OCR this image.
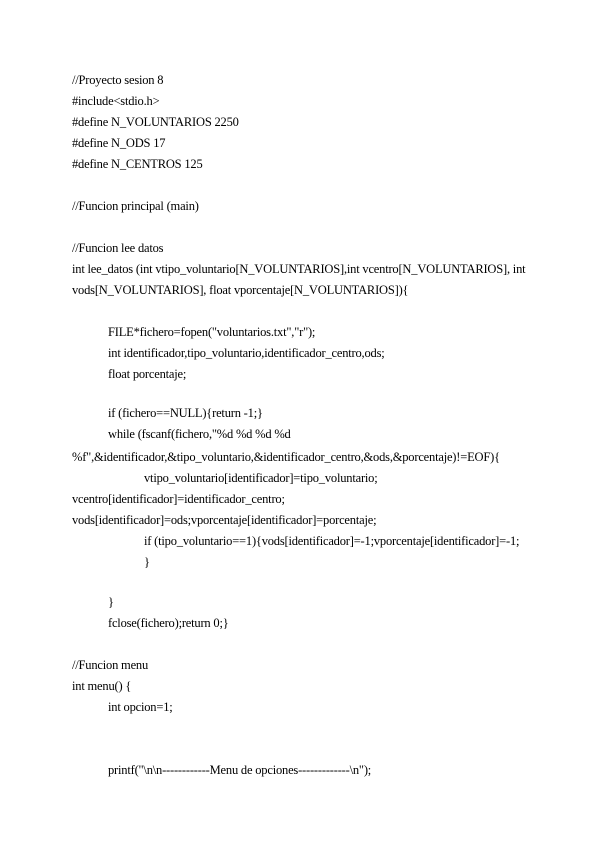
//Proyecto sesion 8
#include<stdio.h>
#define N_VOLUNTARIOS 2250
#define N_ODS 17
#define N_CENTROS 125
//Funcion principal (main)
//Funcion lee datos
int lee_datos (int vtipo_voluntario[N_VOLUNTARIOS],int vcentro[N_VOLUNTARIOS], int
vods[N_VOLUNTARIOS], float vporcentaje[N_VOLUNTARIOS]){
FILE*fichero=fopen("voluntarios.txt","r");
int identificador,tipo_voluntario,identificador_centro,ods;
float porcentaje;
if (fichero==NULL){return -1;}
while (fscanf(fichero,"%d %d %d %d
%f",&identificador,&tipo_voluntario,&identificador_centro,&ods,&porcentaje)!=EOF){
vtipo_voluntario[identificador]=tipo_voluntario;
vcentro[identificador]=identificador_centro;
vods[identificador]=ods;vporcentaje[identificador]=porcentaje;
if (tipo_voluntario==1){vods[identificador]=-1;vporcentaje[identificador]=-1;
}
}
fclose(fichero);return 0;}
//Funcion menu
int menu() {
int opcion=1;
printf("\n\n------------Menu de opciones-------------\n");
